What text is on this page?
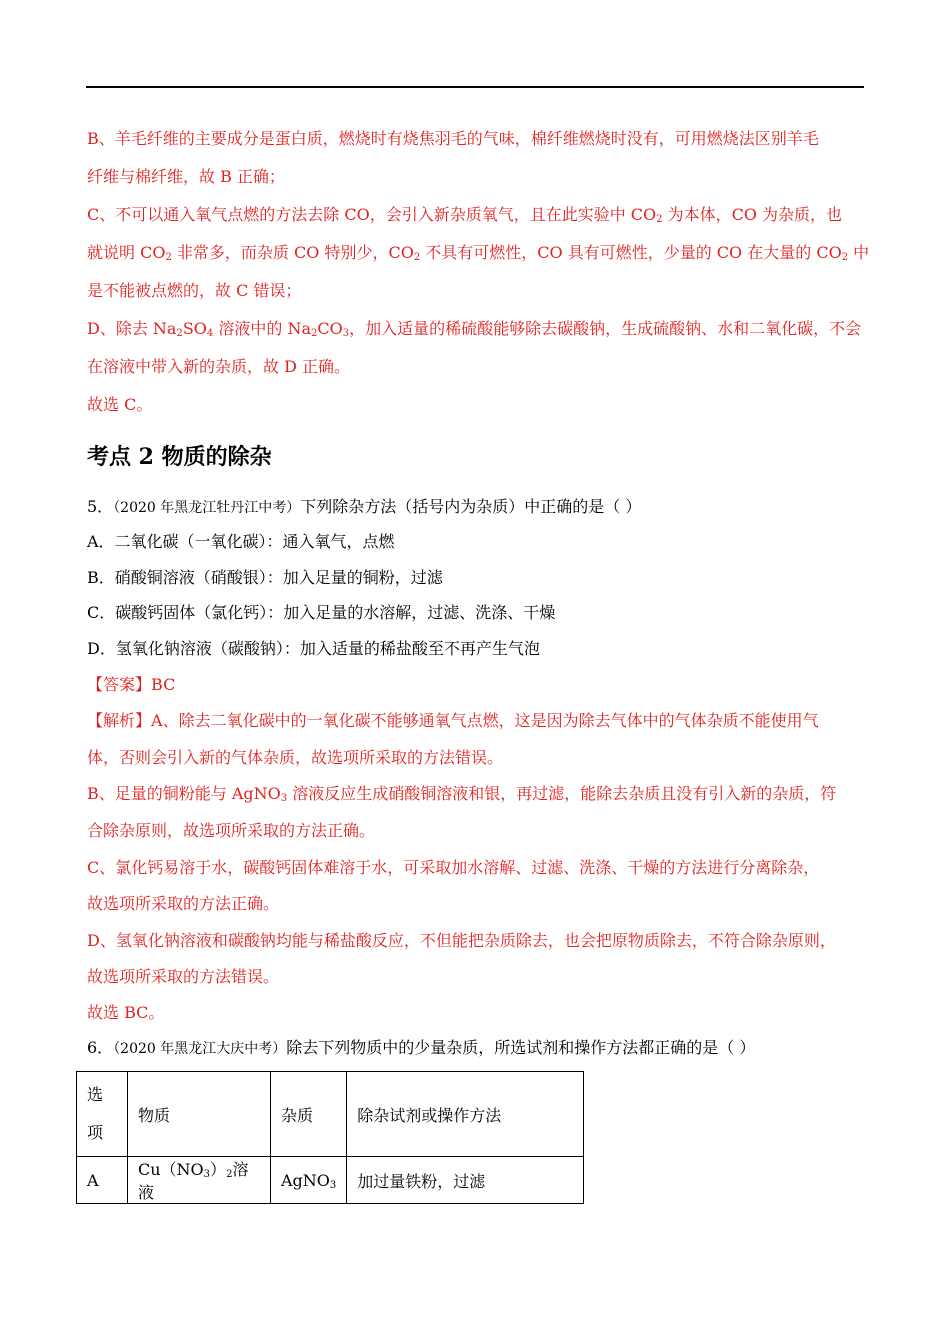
B、羊毛纤维的主要成分是蛋白质，燃烧时有烧焦羽毛的气味，棉纤维燃烧时没有，可用燃烧法区别羊毛
纤维与棉纤维，故 B 正确；
C、不可以通入氧气点燃的方法去除 CO，会引入新杂质氧气，且在此实验中 $CO_2$ 为本体，CO 为杂质，也
就说明 $CO_2$ 非常多，而杂质 CO 特别少，$CO_2$ 不具有可燃性，CO 具有可燃性，少量的 CO 在大量的 $CO_2$ 中
是不能被点燃的，故 C 错误；
D、除去 $Na_2SO_4$ 溶液中的 $Na_2CO_3$，加入适量的稀硫酸能够除去碳酸钠，生成硫酸钠、水和二氧化碳，不会
在溶液中带入新的杂质，故 D 正确。
故选 C。
考点 2 物质的除杂
5．（2020 年黑龙江牡丹江中考）下列除杂方法（括号内为杂质）中正确的是（ ）
A．二氧化碳（一氧化碳）：通入氧气，点燃
B．硝酸铜溶液（硝酸银）：加入足量的铜粉，过滤
C．碳酸钙固体（氯化钙）：加入足量的水溶解，过滤、洗涤、干燥
D．氢氧化钠溶液（碳酸钠）：加入适量的稀盐酸至不再产生气泡
【答案】BC
【解析】A、除去二氧化碳中的一氧化碳不能够通氧气点燃，这是因为除去气体中的气体杂质不能使用气
体，否则会引入新的气体杂质，故选项所采取的方法错误。
B、足量的铜粉能与 AgNO$_3$ 溶液反应生成硝酸铜溶液和银，再过滤，能除去杂质且没有引入新的杂质，符
合除杂原则，故选项所采取的方法正确。
C、氯化钙易溶于水，碳酸钙固体难溶于水，可采取加水溶解、过滤、洗涤、干燥的方法进行分离除杂，
故选项所采取的方法正确。
D、氢氧化钠溶液和碳酸钠均能与稀盐酸反应，不但能把杂质除去，也会把原物质除去，不符合除杂原则，
故选项所采取的方法错误。
故选 BC。
6．（2020 年黑龙江大庆中考）除去下列物质中的少量杂质，所选试剂和操作方法都正确的是（ ）
选
项	物质	杂质	除杂试剂或操作方法
A	$Cu(NO_3)_2$溶液	AgNO$_3$	加过量铁粉，过滤
